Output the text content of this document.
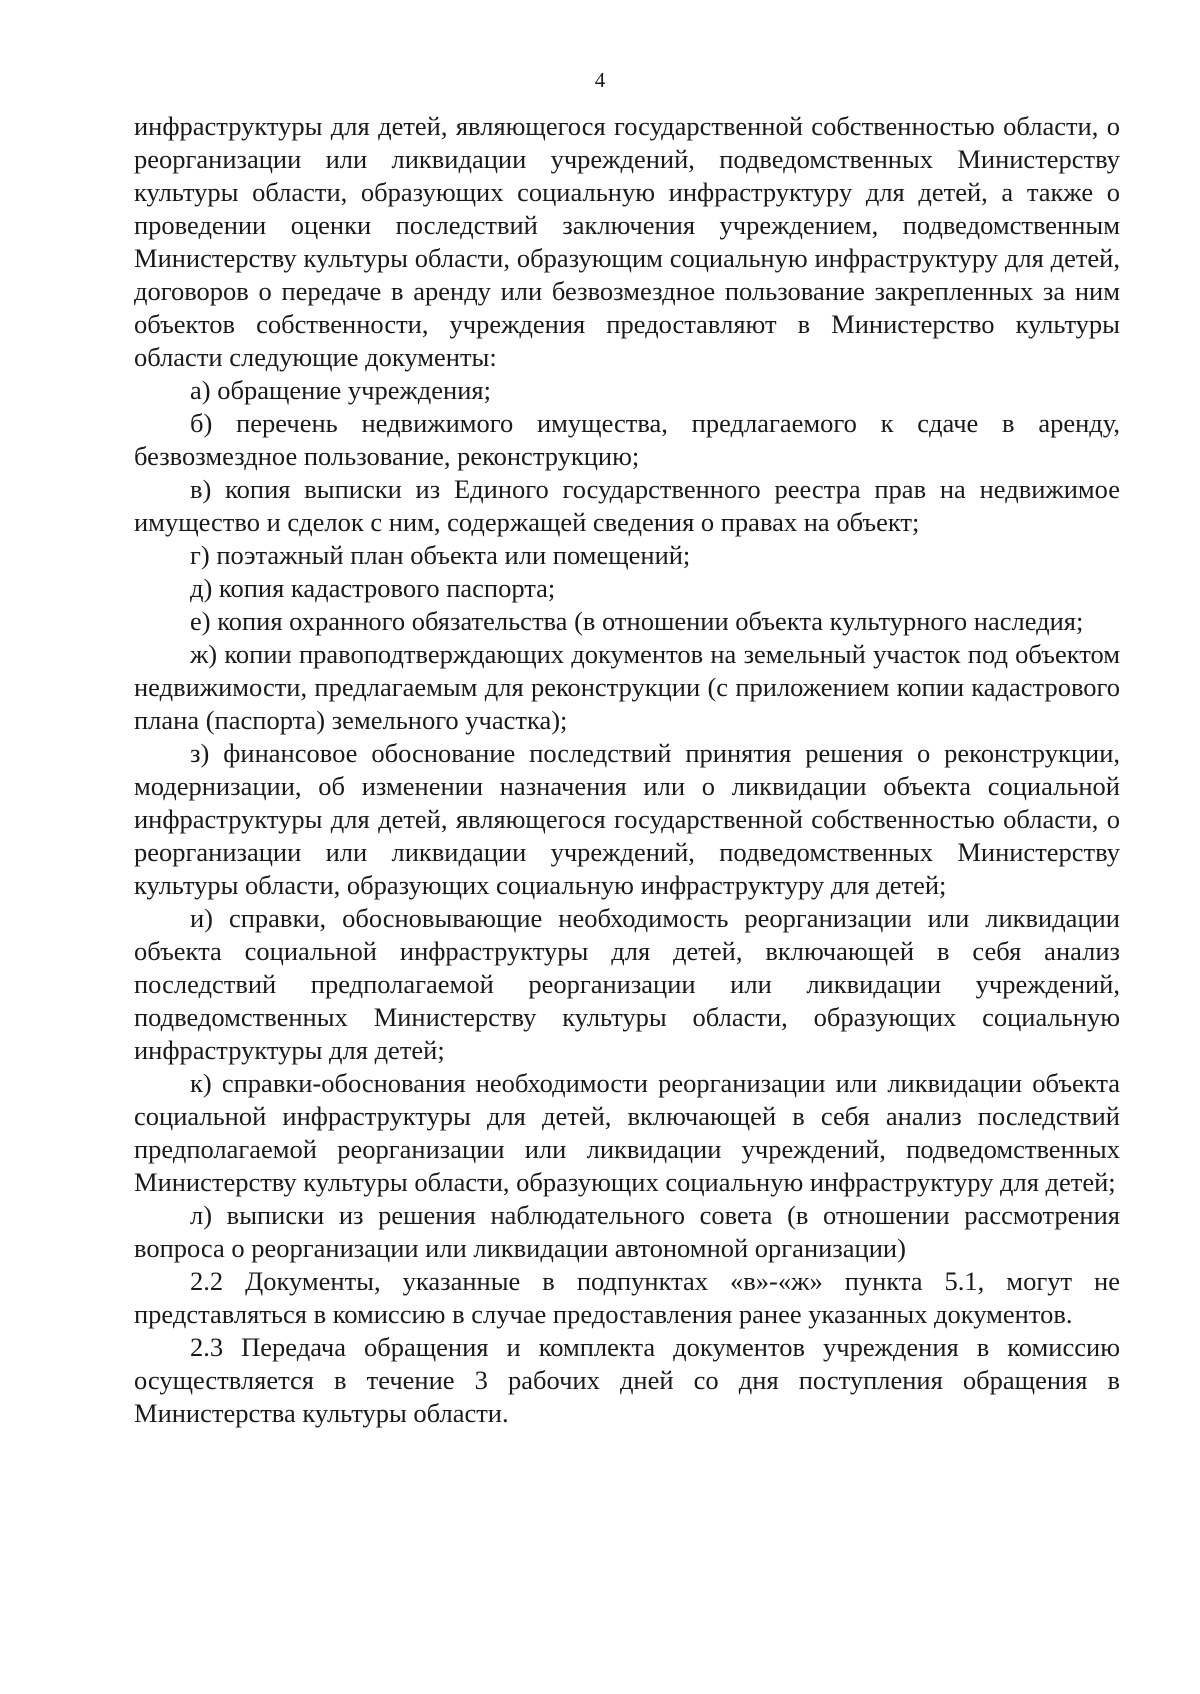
4

инфраструктуры для детей, являющегося государственной собственностью области, о реорганизации или ликвидации учреждений, подведомственных Министерству культуры области, образующих социальную инфраструктуру для детей, а также о проведении оценки последствий заключения учреждением, подведомственным Министерству культуры области, образующим социальную инфраструктуру для детей, договоров о передаче в аренду или безвозмездное пользование закрепленных за ним объектов собственности, учреждения предоставляют в Министерство культуры области следующие документы:

а) обращение учреждения;

б) перечень недвижимого имущества, предлагаемого к сдаче в аренду, безвозмездное пользование, реконструкцию;

в) копия выписки из Единого государственного реестра прав на недвижимое имущество и сделок с ним, содержащей сведения о правах на объект;

г) поэтажный план объекта или помещений;

д) копия кадастрового паспорта;

е) копия охранного обязательства (в отношении объекта культурного наследия;

ж) копии правоподтверждающих документов на земельный участок под объектом недвижимости, предлагаемым для реконструкции (с приложением копии кадастрового плана (паспорта) земельного участка);

з) финансовое обоснование последствий принятия решения о реконструкции, модернизации, об изменении назначения или о ликвидации объекта социальной инфраструктуры для детей, являющегося государственной собственностью области, о реорганизации или ликвидации учреждений, подведомственных Министерству культуры области, образующих социальную инфраструктуру для детей;

и) справки, обосновывающие необходимость реорганизации или ликвидации объекта социальной инфраструктуры для детей, включающей в себя анализ последствий предполагаемой реорганизации или ликвидации учреждений, подведомственных Министерству культуры области, образующих социальную инфраструктуры для детей;

к) справки-обоснования необходимости реорганизации или ликвидации объекта социальной инфраструктуры для детей, включающей в себя анализ последствий предполагаемой реорганизации или ликвидации учреждений, подведомственных Министерству культуры области, образующих социальную инфраструктуру для детей;

л) выписки из решения наблюдательного совета (в отношении рассмотрения вопроса о реорганизации или ликвидации автономной организации)

2.2 Документы, указанные в подпунктах «в»-«ж» пункта 5.1, могут не представляться в комиссию в случае предоставления ранее указанных документов.

2.3 Передача обращения и комплекта документов учреждения в комиссию осуществляется в течение 3 рабочих дней со дня поступления обращения в Министерства культуры области.
